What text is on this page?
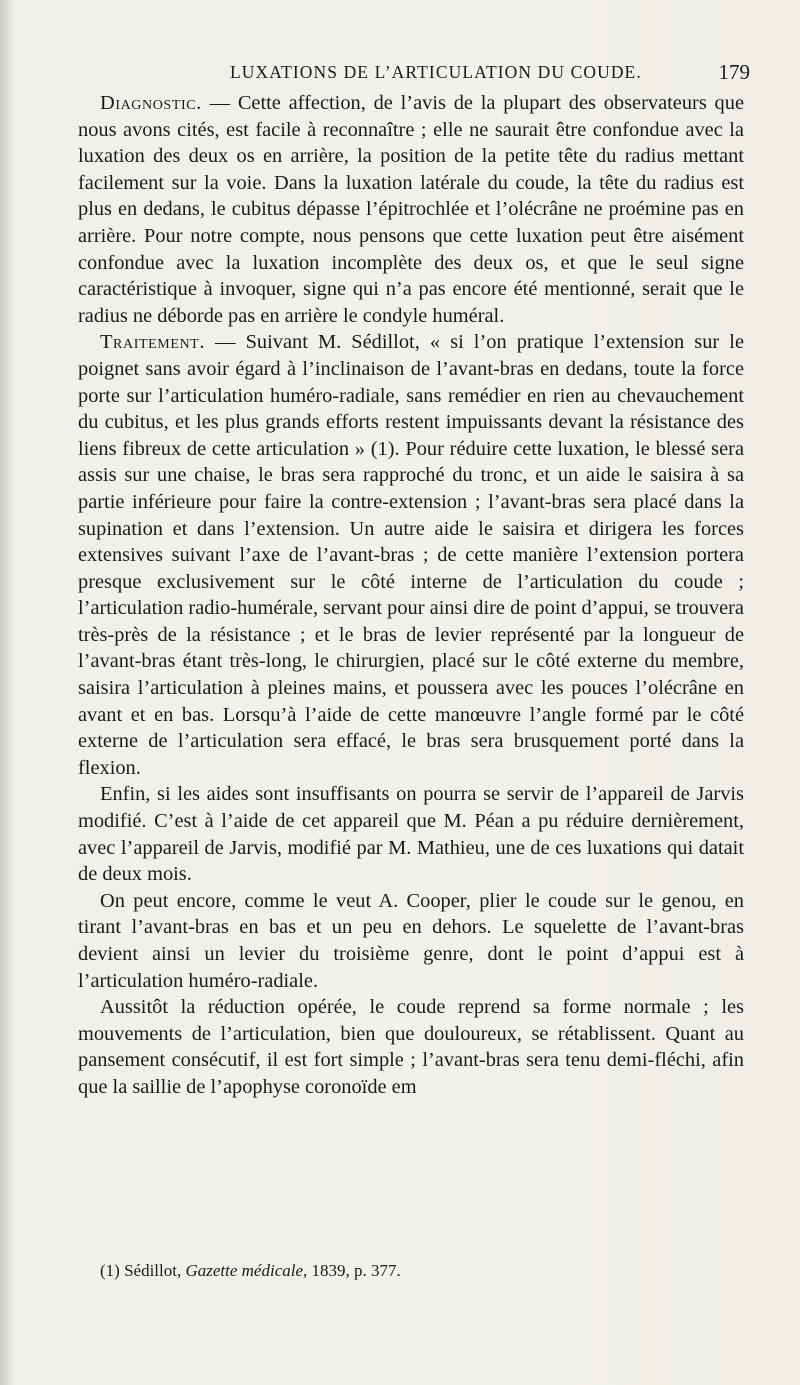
LUXATIONS DE L’ARTICULATION DU COUDE.	179

Diagnostic. — Cette affection, de l’avis de la plupart des observateurs que nous avons cités, est facile à reconnaître ; elle ne saurait être confondue avec la luxation des deux os en arrière, la position de la petite tête du radius mettant facilement sur la voie. Dans la luxation latérale du coude, la tête du radius est plus en dedans, le cubitus dépasse l’épitrochlée et l’olécrâne ne proémine pas en arrière. Pour notre compte, nous pensons que cette luxation peut être aisément confondue avec la luxation incomplète des deux os, et que le seul signe caractéristique à invoquer, signe qui n’a pas encore été mentionné, serait que le radius ne déborde pas en arrière le condyle huméral.

Traitement. — Suivant M. Sédillot, « si l’on pratique l’extension sur le poignet sans avoir égard à l’inclinaison de l’avant-bras en dedans, toute la force porte sur l’articulation huméro-radiale, sans remédier en rien au chevauchement du cubitus, et les plus grands efforts restent impuissants devant la résistance des liens fibreux de cette articulation » (1). Pour réduire cette luxation, le blessé sera assis sur une chaise, le bras sera rapproché du tronc, et un aide le saisira à sa partie inférieure pour faire la contre-extension ; l’avant-bras sera placé dans la supination et dans l’extension. Un autre aide le saisira et dirigera les forces extensives suivant l’axe de l’avant-bras ; de cette manière l’extension portera presque exclusivement sur le côté interne de l’articulation du coude ; l’articulation radio-humérale, servant pour ainsi dire de point d’appui, se trouvera très-près de la résistance ; et le bras de levier représenté par la longueur de l’avant-bras étant très-long, le chirurgien, placé sur le côté externe du membre, saisira l’articulation à pleines mains, et poussera avec les pouces l’olécrâne en avant et en bas. Lorsqu’à l’aide de cette manœuvre l’angle formé par le côté externe de l’articulation sera effacé, le bras sera brusquement porté dans la flexion.

Enfin, si les aides sont insuffisants on pourra se servir de l’appareil de Jarvis modifié. C’est à l’aide de cet appareil que M. Péan a pu réduire dernièrement, avec l’appareil de Jarvis, modifié par M. Mathieu, une de ces luxations qui datait de deux mois.

On peut encore, comme le veut A. Cooper, plier le coude sur le genou, en tirant l’avant-bras en bas et un peu en dehors. Le squelette de l’avant-bras devient ainsi un levier du troisième genre, dont le point d’appui est à l’articulation huméro-radiale.

Aussitôt la réduction opérée, le coude reprend sa forme normale ; les mouvements de l’articulation, bien que douloureux, se rétablissent. Quant au pansement consécutif, il est fort simple ; l’avant-bras sera tenu demi-fléchi, afin que la saillie de l’apophyse coronoïde em

(1) Sédillot, Gazette médicale, 1839, p. 377.
